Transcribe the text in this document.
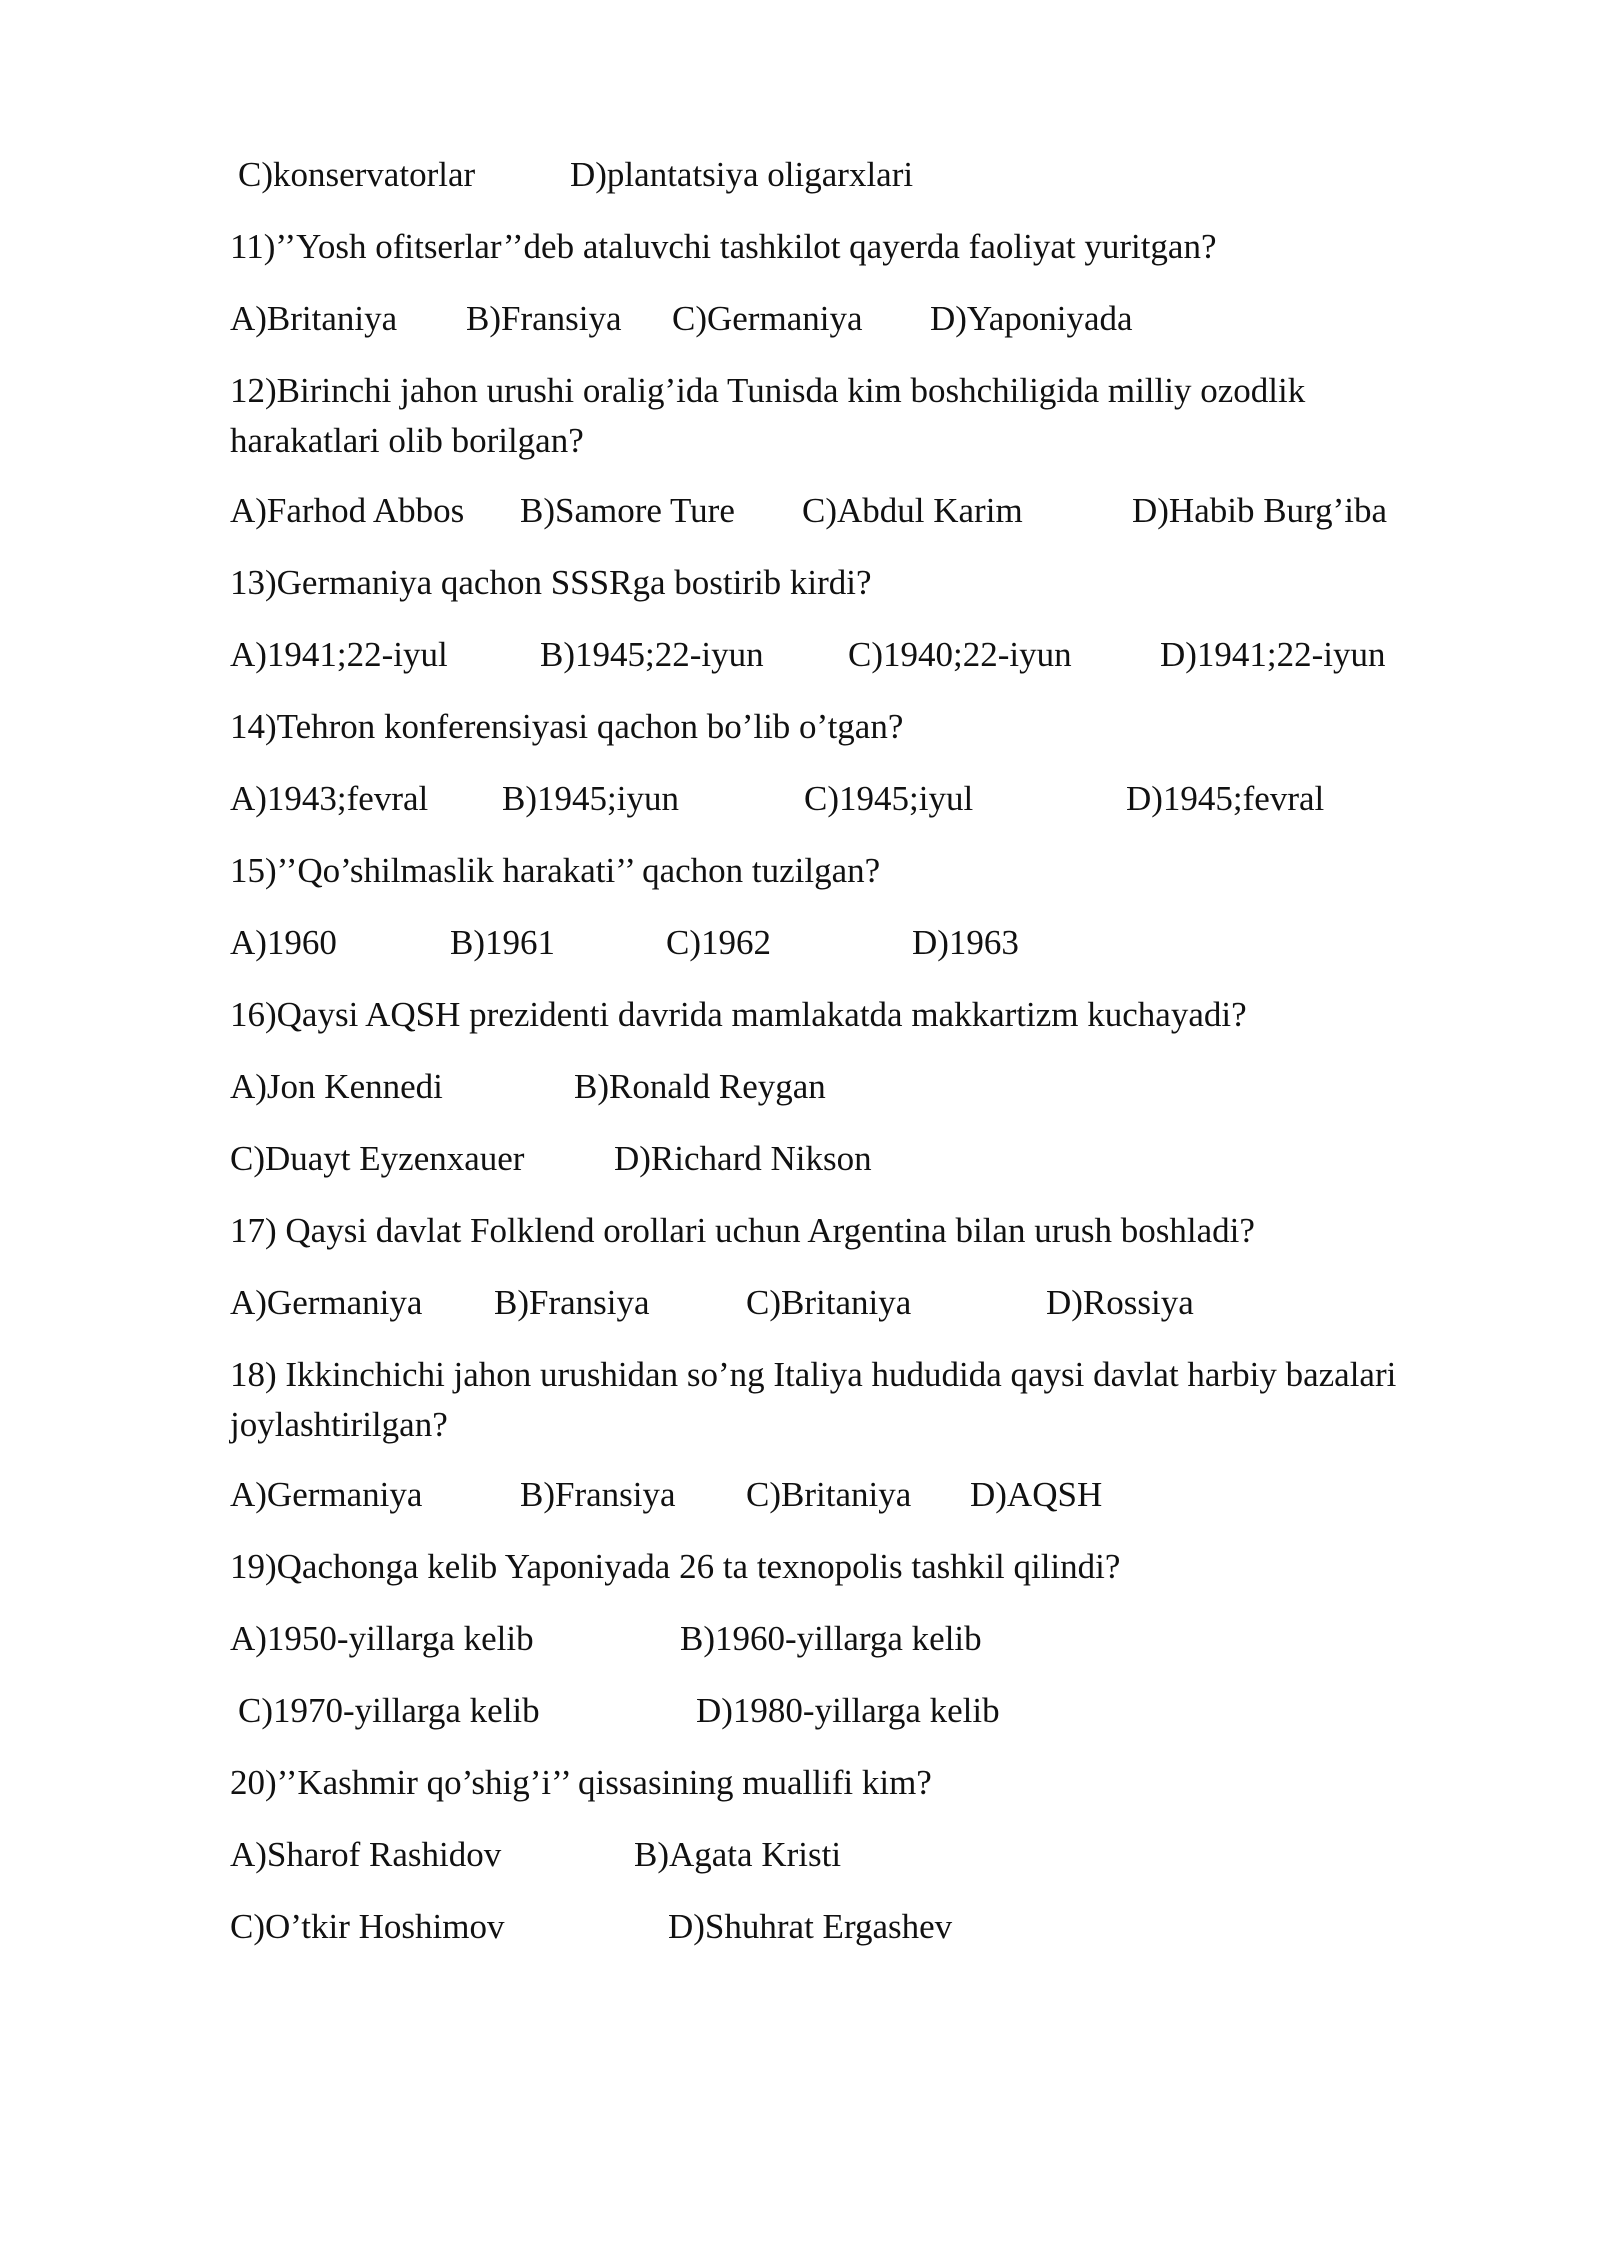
C)konservatorlar	D)plantatsiya oligarxlari
11)’’Yosh ofitserlar’’deb ataluvchi tashkilot qayerda faoliyat yuritgan?
A)Britaniya B)Fransiya C)Germaniya D)Yaponiyada
12)Birinchi jahon urushi oralig’ida Tunisda kim boshchiligida milliy ozodlik harakatlari olib borilgan?
A)Farhod Abbos B)Samore Ture C)Abdul Karim	D)Habib Burg’iba
13)Germaniya qachon SSSRga bostirib kirdi?
A)1941;22-iyul	B)1945;22-iyun C)1940;22-iyun	D)1941;22-iyun
14)Tehron konferensiyasi qachon bo’lib o’tgan?
A)1943;fevral B)1945;iyun	C)1945;iyul	D)1945;fevral
15)’’Qo’shilmaslik harakati’’ qachon tuzilgan?
A)1960	B)1961	C)1962	D)1963
16)Qaysi AQSH prezidenti davrida mamlakatda makkartizm kuchayadi?
A)Jon Kennedi	B)Ronald Reygan
C)Duayt Eyzenxauer	D)Richard Nikson
17) Qaysi davlat Folklend orollari uchun Argentina bilan urush boshladi?
A)Germaniya B)Fransiya	C)Britaniya	D)Rossiya
18) Ikkinchichi jahon urushidan so’ng Italiya hududida qaysi davlat harbiy bazalari joylashtirilgan?
A)Germaniya	B)Fransiya C)Britaniya D)AQSH
19)Qachonga kelib Yaponiyada 26 ta texnopolis tashkil qilindi?
A)1950-yillarga kelib	B)1960-yillarga kelib
C)1970-yillarga kelib	D)1980-yillarga kelib
20)’’Kashmir qo’shig’i’’ qissasining muallifi kim?
A)Sharof Rashidov	B)Agata Kristi
C)O’tkir Hoshimov	D)Shuhrat Ergashev
